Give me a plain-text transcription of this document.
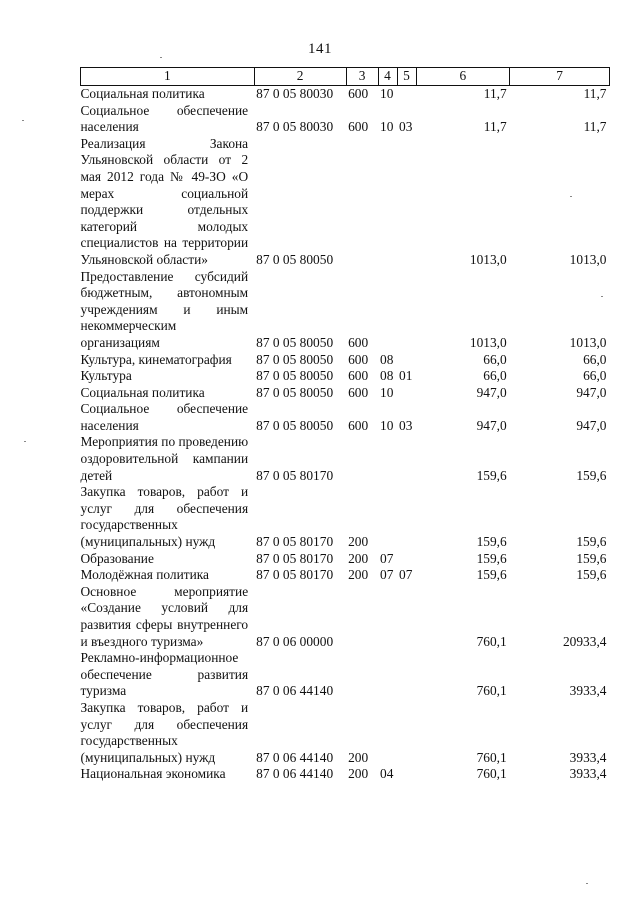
141
1	2	3	4	5	6	7
Социальная политика	87 0 05 80030	600	10		11,7	11,7
Социальное обеспечение населения	87 0 05 80030	600	10	03	11,7	11,7
Реализация Закона Ульяновской области от 2 мая 2012 года № 49-ЗО «О мерах социальной поддержки отдельных категорий молодых специалистов на территории Ульяновской области»	87 0 05 80050				1013,0	1013,0
Предоставление субсидий бюджетным, автономным учреждениям и иным некоммерческим организациям	87 0 05 80050	600			1013,0	1013,0
Культура, кинематография	87 0 05 80050	600	08		66,0	66,0
Культура	87 0 05 80050	600	08	01	66,0	66,0
Социальная политика	87 0 05 80050	600	10		947,0	947,0
Социальное обеспечение населения	87 0 05 80050	600	10	03	947,0	947,0
Мероприятия по проведению оздоровительной кампании детей	87 0 05 80170				159,6	159,6
Закупка товаров, работ и услуг для обеспечения государственных (муниципальных) нужд	87 0 05 80170	200			159,6	159,6
Образование	87 0 05 80170	200	07		159,6	159,6
Молодёжная политика	87 0 05 80170	200	07	07	159,6	159,6
Основное мероприятие «Создание условий для развития сферы внутреннего и въездного туризма»	87 0 06 00000				760,1	20933,4
Рекламно-информационное обеспечение развития туризма	87 0 06 44140				760,1	3933,4
Закупка товаров, работ и услуг для обеспечения государственных (муниципальных) нужд	87 0 06 44140	200			760,1	3933,4
Национальная экономика	87 0 06 44140	200	04		760,1	3933,4
